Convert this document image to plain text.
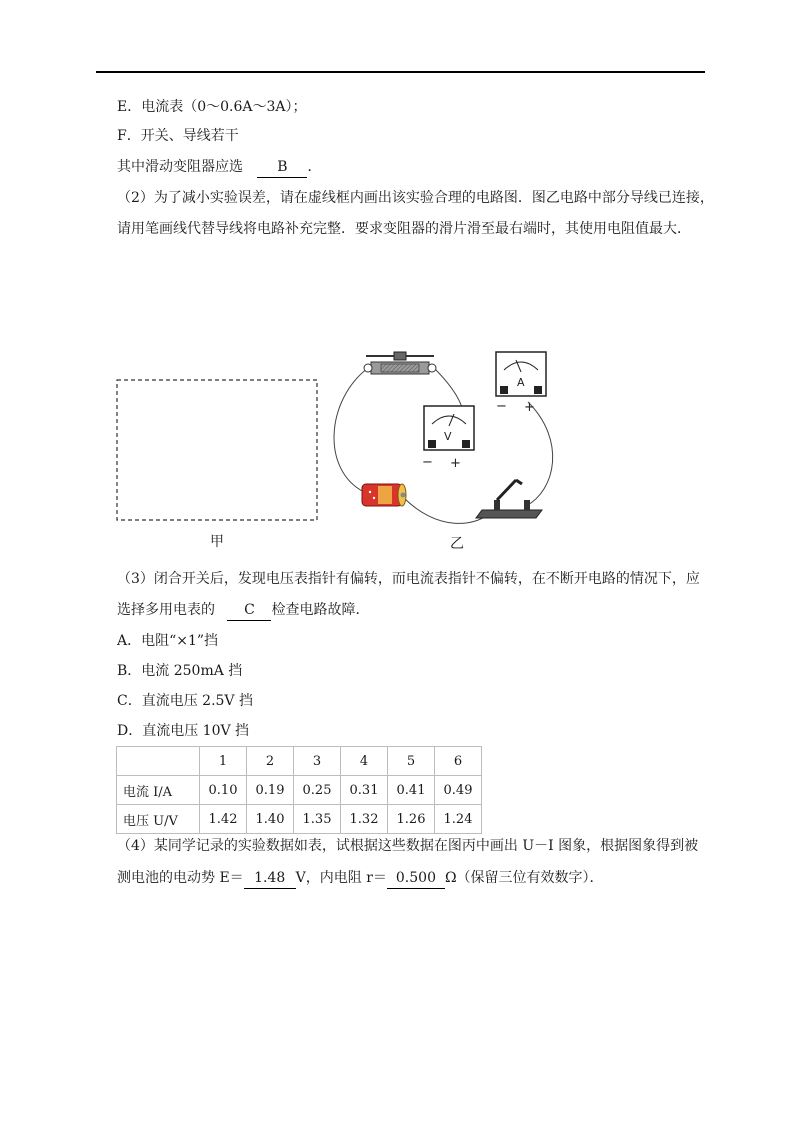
E．电流表（0～0.6A～3A）；
F．开关、导线若干
其中滑动变阻器应选 B ．
（2）为了减小实验误差，请在虚线框内画出该实验合理的电路图．图乙电路中部分导线已连接，
请用笔画线代替导线将电路补充完整．要求变阻器的滑片滑至最右端时，其使用电阻值最大．
A
− +
V
− +
甲	乙
（3）闭合开关后，发现电压表指针有偏转，而电流表指针不偏转，在不断开电路的情况下，应
选择多用电表的 C 检查电路故障．
A．电阻“×1”挡
B．电流 250mA 挡
C．直流电压 2.5V 挡
D．直流电压 10V 挡
	1	2	3	4	5	6
电流 I/A	0.10	0.19	0.25	0.31	0.41	0.49
电压 U/V	1.42	1.40	1.35	1.32	1.26	1.24
（4）某同学记录的实验数据如表，试根据这些数据在图丙中画出 U－I 图象，根据图象得到被
测电池的电动势 E＝ 1.48 V，内电阻 r＝ 0.500 Ω（保留三位有效数字）．
